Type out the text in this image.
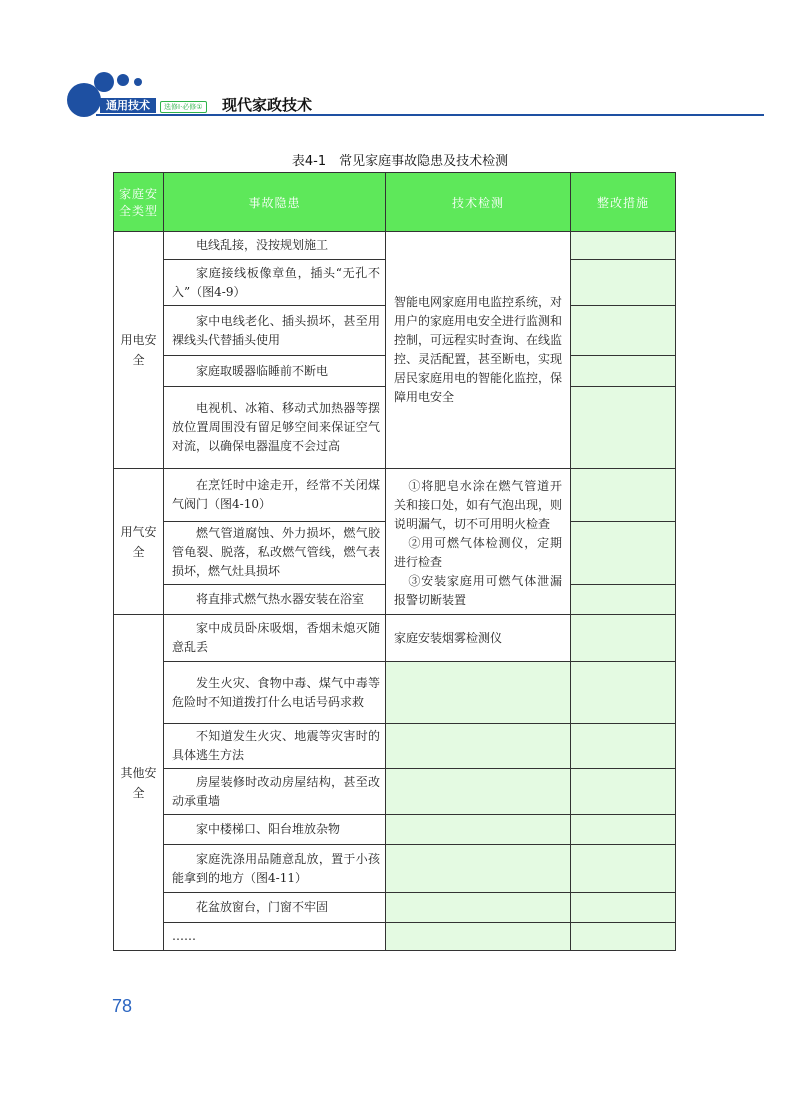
通用技术	选修Ⅰ·必修① 现代家政技术
表4-1　常见家庭事故隐患及技术检测
家庭安全类型	事故隐患	技术检测	整改措施
用电安全	电线乱接，没按规划施工	智能电网家庭用电监控系统，对用户的家庭用电安全进行监测和控制，可远程实时查询、在线监控、灵活配置，甚至断电，实现居民家庭用电的智能化监控，保障用电安全	
	家庭接线板像章鱼，插头“无孔不入”（图4-9）		
	家中电线老化、插头损坏，甚至用裸线头代替插头使用		
	家庭取暖器临睡前不断电		
	电视机、冰箱、移动式加热器等摆放位置周围没有留足够空间来保证空气对流，以确保电器温度不会过高		
用气安全	在烹饪时中途走开，经常不关闭煤气阀门（图4-10）	①将肥皂水涂在燃气管道开关和接口处，如有气泡出现，则说明漏气，切不可用明火检查

②用可燃气体检测仪，定期进行检查

③安装家庭用可燃气体泄漏报警切断装置	

	燃气管道腐蚀、外力损坏，燃气胶管龟裂、脱落，私改燃气管线，燃气表损坏，燃气灶具损坏		
	将直排式燃气热水器安装在浴室		
其他安全	家中成员卧床吸烟，香烟未熄灭随意乱丢	家庭安装烟雾检测仪	
	发生火灾、食物中毒、煤气中毒等危险时不知道拨打什么电话号码求救		
	不知道发生火灾、地震等灾害时的具体逃生方法		
	房屋装修时改动房屋结构，甚至改动承重墙		
	家中楼梯口、阳台堆放杂物		
	家庭洗涤用品随意乱放，置于小孩能拿到的地方（图4-11）		
	花盆放窗台，门窗不牢固		
	……		
78
